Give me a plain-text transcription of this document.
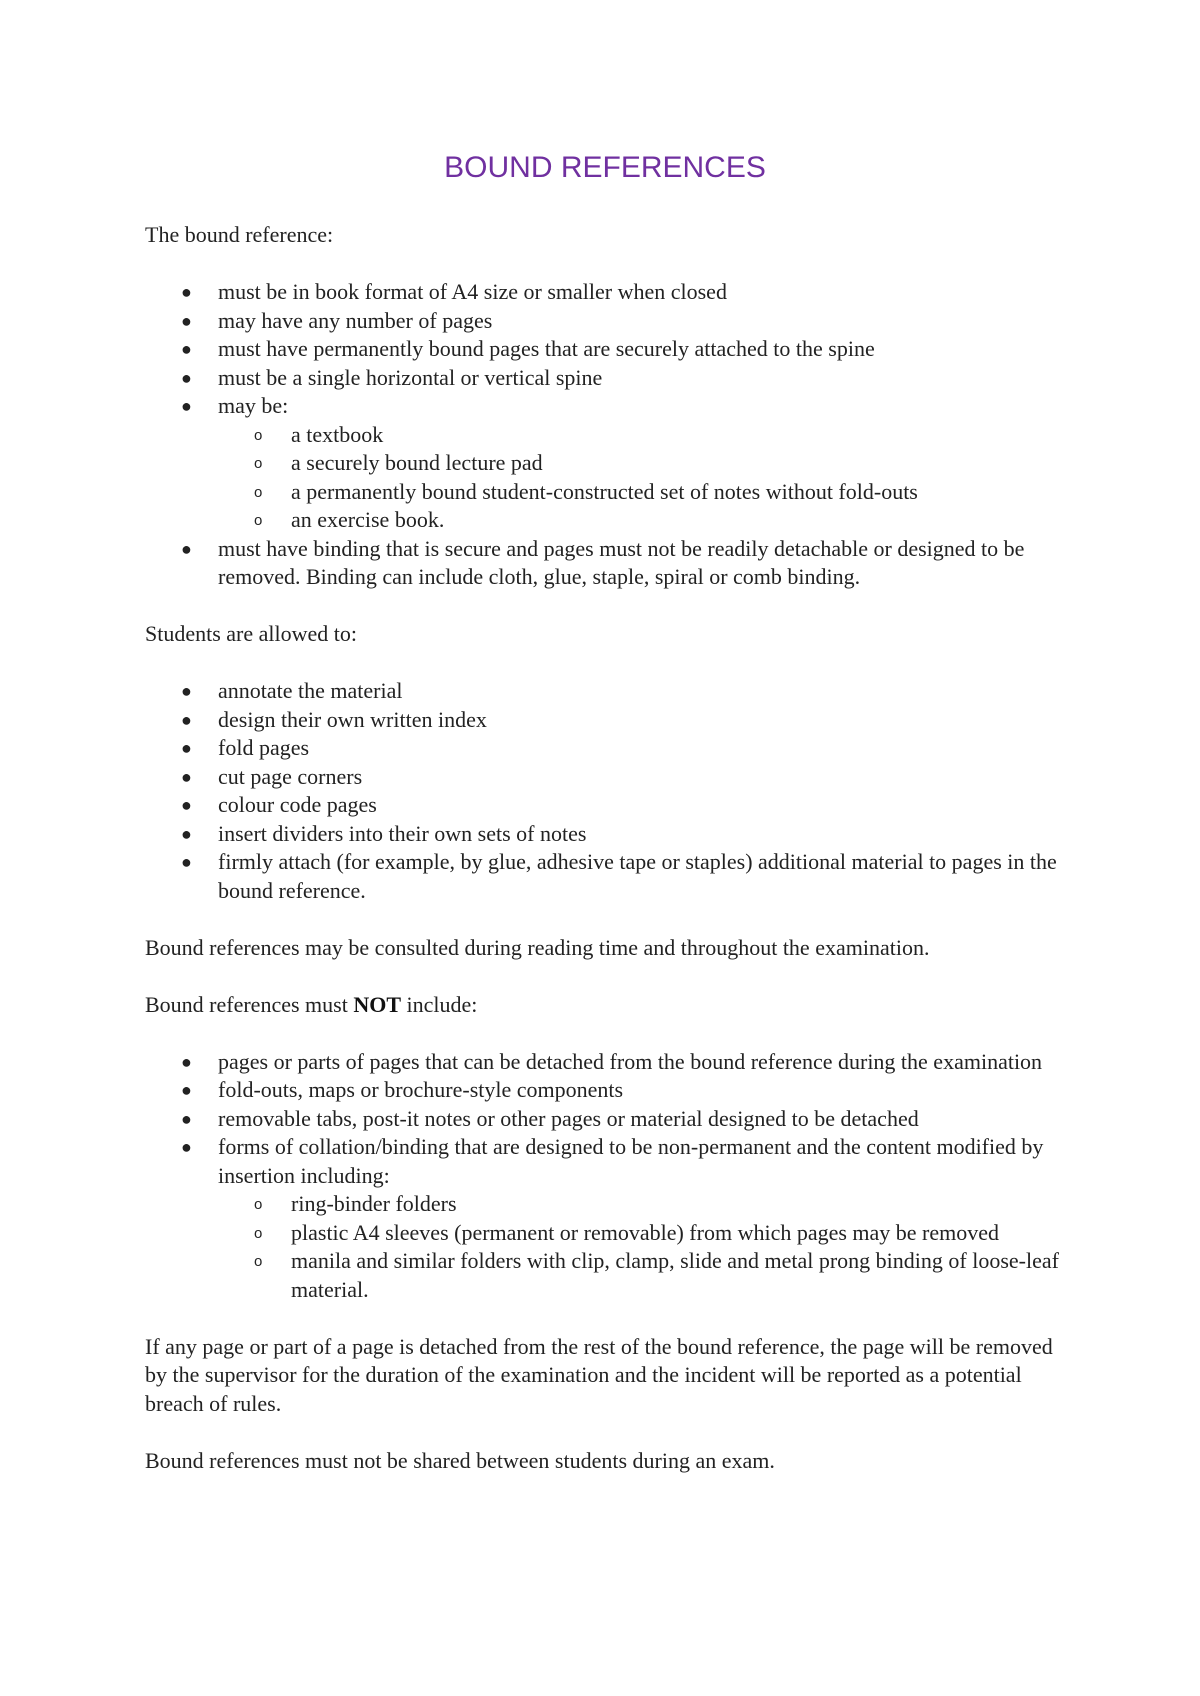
BOUND REFERENCES

The bound reference:

● must be in book format of A4 size or smaller when closed
● may have any number of pages
● must have permanently bound pages that are securely attached to the spine
● must be a single horizontal or vertical spine
● may be:
o a textbook
o a securely bound lecture pad
o a permanently bound student-constructed set of notes without fold-outs
o an exercise book.
● must have binding that is secure and pages must not be readily detachable or designed to be removed. Binding can include cloth, glue, staple, spiral or comb binding.

Students are allowed to:

● annotate the material
● design their own written index
● fold pages
● cut page corners
● colour code pages
● insert dividers into their own sets of notes
● firmly attach (for example, by glue, adhesive tape or staples) additional material to pages in the bound reference.

Bound references may be consulted during reading time and throughout the examination.

Bound references must NOT include:

● pages or parts of pages that can be detached from the bound reference during the examination
● fold-outs, maps or brochure-style components
● removable tabs, post-it notes or other pages or material designed to be detached
● forms of collation/binding that are designed to be non-permanent and the content modified by insertion including:
o ring-binder folders
o plastic A4 sleeves (permanent or removable) from which pages may be removed
o manila and similar folders with clip, clamp, slide and metal prong binding of loose-leaf material.

If any page or part of a page is detached from the rest of the bound reference, the page will be removed by the supervisor for the duration of the examination and the incident will be reported as a potential breach of rules.

Bound references must not be shared between students during an exam.
